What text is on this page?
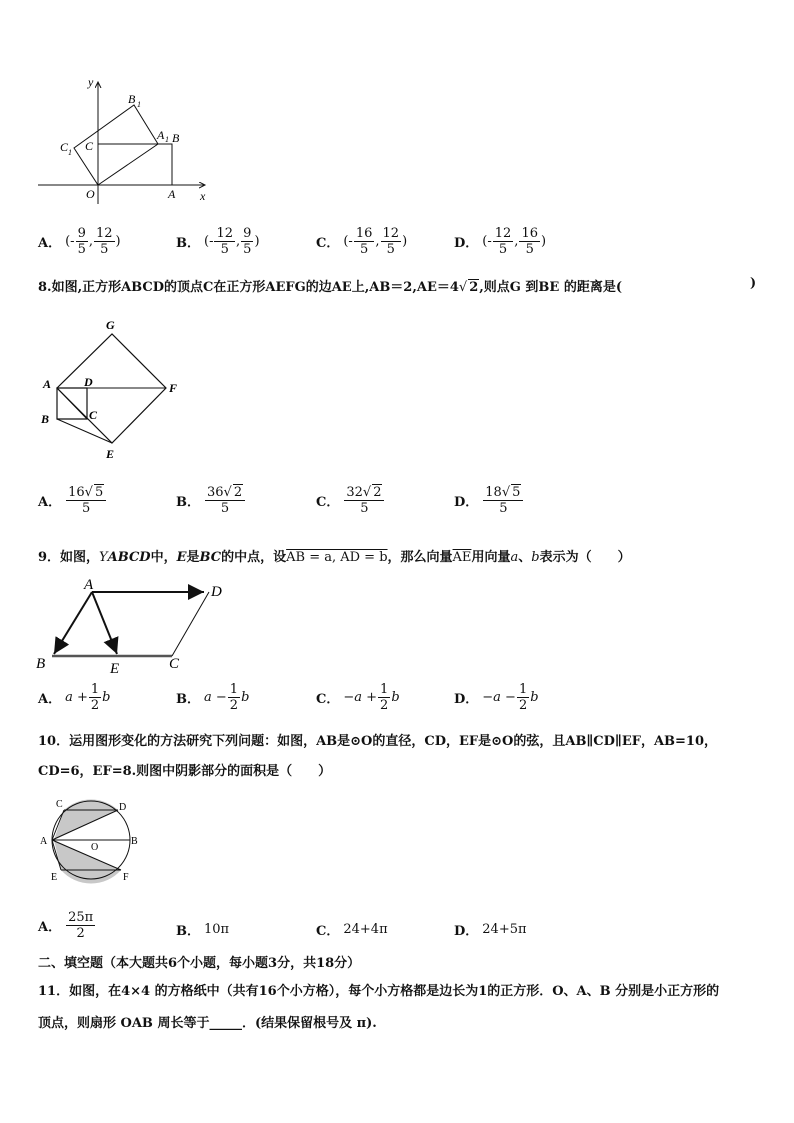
y
x
O	A
B
C
B 1
A 1
C 1
A． (- $\frac{9}{5}$ , $\frac{12}{5}$ )	B． (- $\frac{12}{5}$ , $\frac{9}{5}$ )	C． (- $\frac{16}{5}$ , $\frac{12}{5}$ )	D． (- $\frac{12}{5}$ , $\frac{16}{5}$ )
8.如图,正方形ABCD的顶点C在正方形AEFG的边AE上,AB＝2,AE＝4√ 2,则点G 到BE 的距离是(	)
G
A	D	F
B	C
E
A． $\frac{16√ 5}{5}$	B． $\frac{36√ 2}{5}$	C． $\frac{32√ 2}{5}$	D． $\frac{18√ 5}{5}$
9．如图，YABCD中，E是BC的中点，设AB = a, AD = b，那么向量$\overline{AE}$用向量a、b表示为（　　）
A	D
B	E	C
A． $a + \frac{1}{2}$ b	B． $a - \frac{1}{2}$ b	C． $-a + \frac{1}{2}$ b	D． $-a - \frac{1}{2}$ b
10．运用图形变化的方法研究下列问题：如图，AB是⊙O的直径，CD，EF是⊙O的弦，且AB∥CD∥EF，AB=10，
CD=6，EF=8.则图中阴影部分的面积是（　　）
C	D
A
O
B
E	F
A． $\frac{25\pi}{2}$	B． 10π	C． 24+4π	D． 24+5π
二、填空题（本大题共6个小题，每小题3分，共18分）
11．如图，在4×4 的方格纸中（共有16个小方格），每个小方格都是边长为1的正方形．O、A、B 分别是小正方形的
顶点，则扇形 OAB 周长等于_____．(结果保留根号及 π).
